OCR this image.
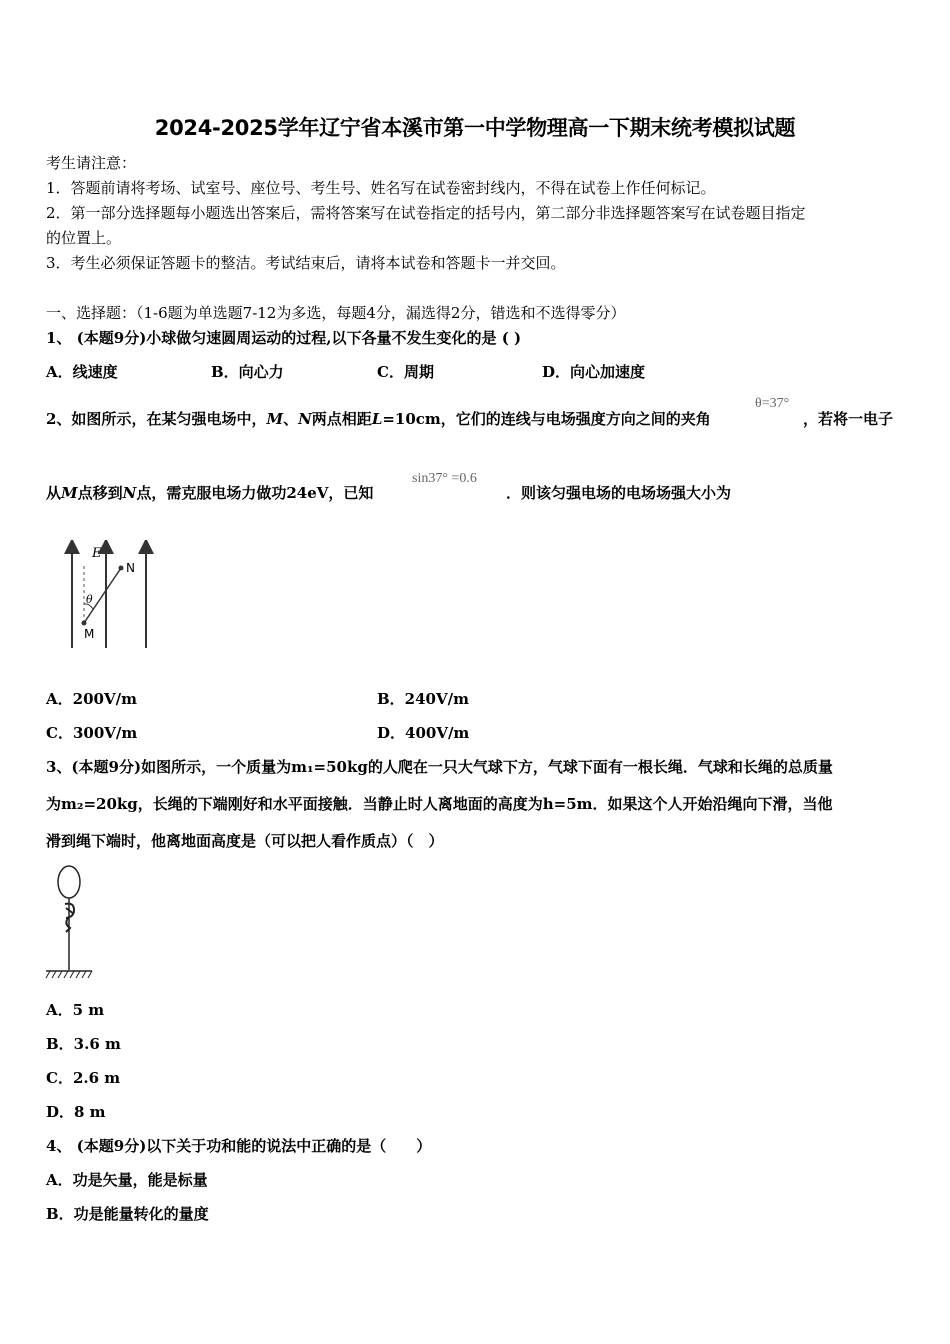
2024-2025学年辽宁省本溪市第一中学物理高一下期末统考模拟试题
考生请注意：
1．答题前请将考场、试室号、座位号、考生号、姓名写在试卷密封线内，不得在试卷上作任何标记。
2．第一部分选择题每小题选出答案后，需将答案写在试卷指定的括号内，第二部分非选择题答案写在试卷题目指定
的位置上。
3．考生必须保证答题卡的整洁。考试结束后，请将本试卷和答题卡一并交回。
一、选择题：（1-6题为单选题7-12为多选，每题4分，漏选得2分，错选和不选得零分）
1、 (本题9分)小球做匀速圆周运动的过程,以下各量不发生变化的是 ( )
A．线速度	B．向心力	C．周期	D．向心加速度
2、如图所示，在某匀强电场中，M、N两点相距L=10cm，它们的连线与电场强度方向之间的夹角
θ=37°
，若将一电子
从M点移到N点，需克服电场力做功24eV，已知
sin37° =0.6
．则该匀强电场的电场场强大小为
E
N
M
θ
A．200V/m	B．240V/m
C．300V/m	D．400V/m
3、(本题9分)如图所示，一个质量为m₁=50kg的人爬在一只大气球下方，气球下面有一根长绳．气球和长绳的总质量
为m₂=20kg，长绳的下端刚好和水平面接触．当静止时人离地面的高度为h=5m．如果这个人开始沿绳向下滑，当他
滑到绳下端时，他离地面高度是（可以把人看作质点）（　）
A．5 m
B．3.6 m
C．2.6 m
D．8 m
4、 (本题9分)以下关于功和能的说法中正确的是（　　）
A．功是矢量，能是标量
B．功是能量转化的量度
